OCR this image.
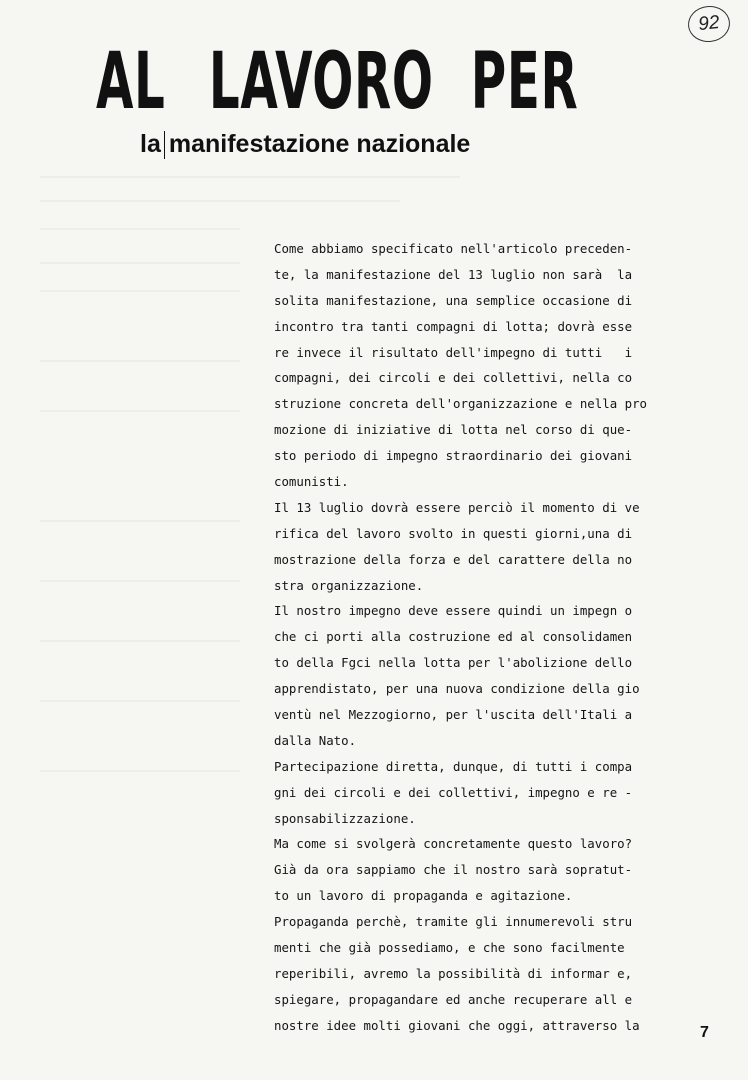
92
AL LAVORO PER
la manifestazione nazionale
Come abbiamo specificato nell'articolo preceden-
te, la manifestazione del 13 luglio non sarà  la
solita manifestazione, una semplice occasione di
incontro tra tanti compagni di lotta; dovrà esse
re invece il risultato dell'impegno di tutti   i
compagni, dei circoli e dei collettivi, nella co
struzione concreta dell'organizzazione e nella pro
mozione di iniziative di lotta nel corso di que-
sto periodo di impegno straordinario dei giovani
comunisti.
Il 13 luglio dovrà essere perciò il momento di ve
rifica del lavoro svolto in questi giorni,una di
mostrazione della forza e del carattere della no
stra organizzazione.
Il nostro impegno deve essere quindi un impegn o
che ci porti alla costruzione ed al consolidamen
to della Fgci nella lotta per l'abolizione dello
apprendistato, per una nuova condizione della gio
ventù nel Mezzogiorno, per l'uscita dell'Itali a
dalla Nato.
Partecipazione diretta, dunque, di tutti i compa
gni dei circoli e dei collettivi, impegno e re -
sponsabilizzazione.
Ma come si svolgerà concretamente questo lavoro?
Già da ora sappiamo che il nostro sarà sopratut-
to un lavoro di propaganda e agitazione.
Propaganda perchè, tramite gli innumerevoli stru
menti che già possediamo, e che sono facilmente
reperibili, avremo la possibilità di informar e,
spiegare, propagandare ed anche recuperare all e
nostre idee molti giovani che oggi, attraverso la	7
